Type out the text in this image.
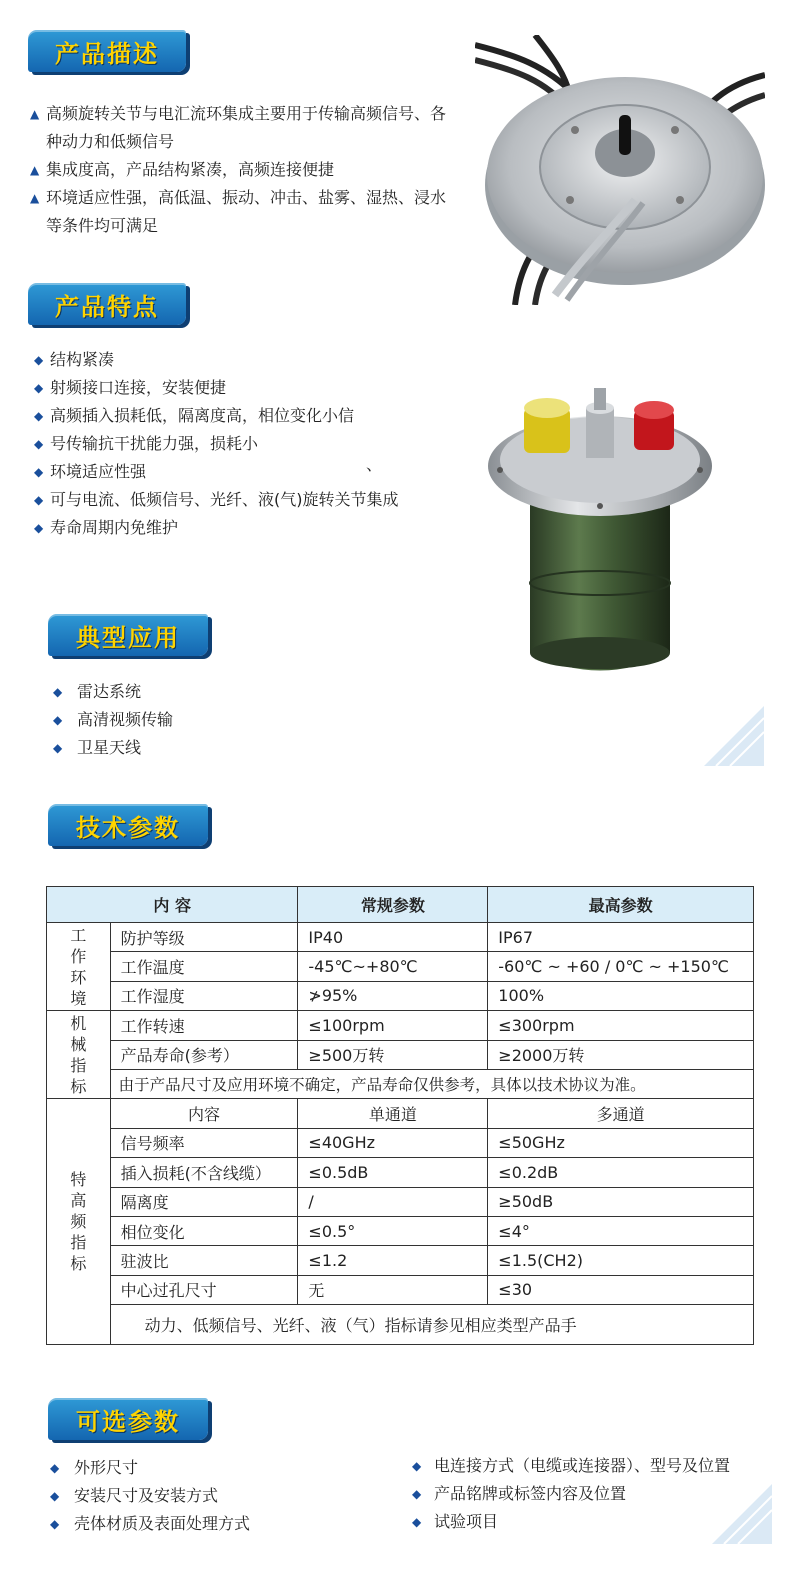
产品描述
▲ 高频旋转关节与电汇流环集成主要用于传输高频信号、各种动力和低频信号
▲ 集成度高，产品结构紧凑，高频连接便捷
▲ 环境适应性强，高低温、振动、冲击、盐雾、湿热、浸水等条件均可满足
产品特点
◆ 结构紧凑
◆ 射频接口连接，安装便捷
◆ 高频插入损耗低，隔离度高，相位变化小信
◆ 号传输抗干扰能力强，损耗小
◆ 环境适应性强
◆ 可与电流、低频信号、光纤、液(气)旋转关节集成
◆ 寿命周期内免维护
、
典型应用
◆ 雷达系统
◆ 高清视频传输
◆ 卫星天线
技术参数
内 容		常规参数	最高参数
工作环境	防护等级	IP40	IP67
	工作温度	-45℃~+80℃	-60℃ ~ +60 / 0℃ ~ +150℃
	工作湿度	≯95%	100%
机械指标	工作转速	≤100rpm	≤300rpm
	产品寿命(参考）	≥500万转	≥2000万转
	由于产品尺寸及应用环境不确定，产品寿命仅供参考，具体以技术协议为准。		
特高频指标	内容	单通道	多通道
	信号频率	≤40GHz	≤50GHz
	插入损耗(不含线缆）	≤0.5dB	≤0.2dB
	隔离度	/	≥50dB
	相位变化	≤0.5°	≤4°
	驻波比	≤1.2	≤1.5(CH2)
	中心过孔尺寸	无	≤30
	动力、低频信号、光纤、液（气）指标请参见相应类型产品手		
可选参数
◆ 外形尺寸
◆ 安装尺寸及安装方式
◆ 壳体材质及表面处理方式
◆ 电连接方式（电缆或连接器）、型号及位置
◆ 产品铭牌或标签内容及位置
◆ 试验项目
